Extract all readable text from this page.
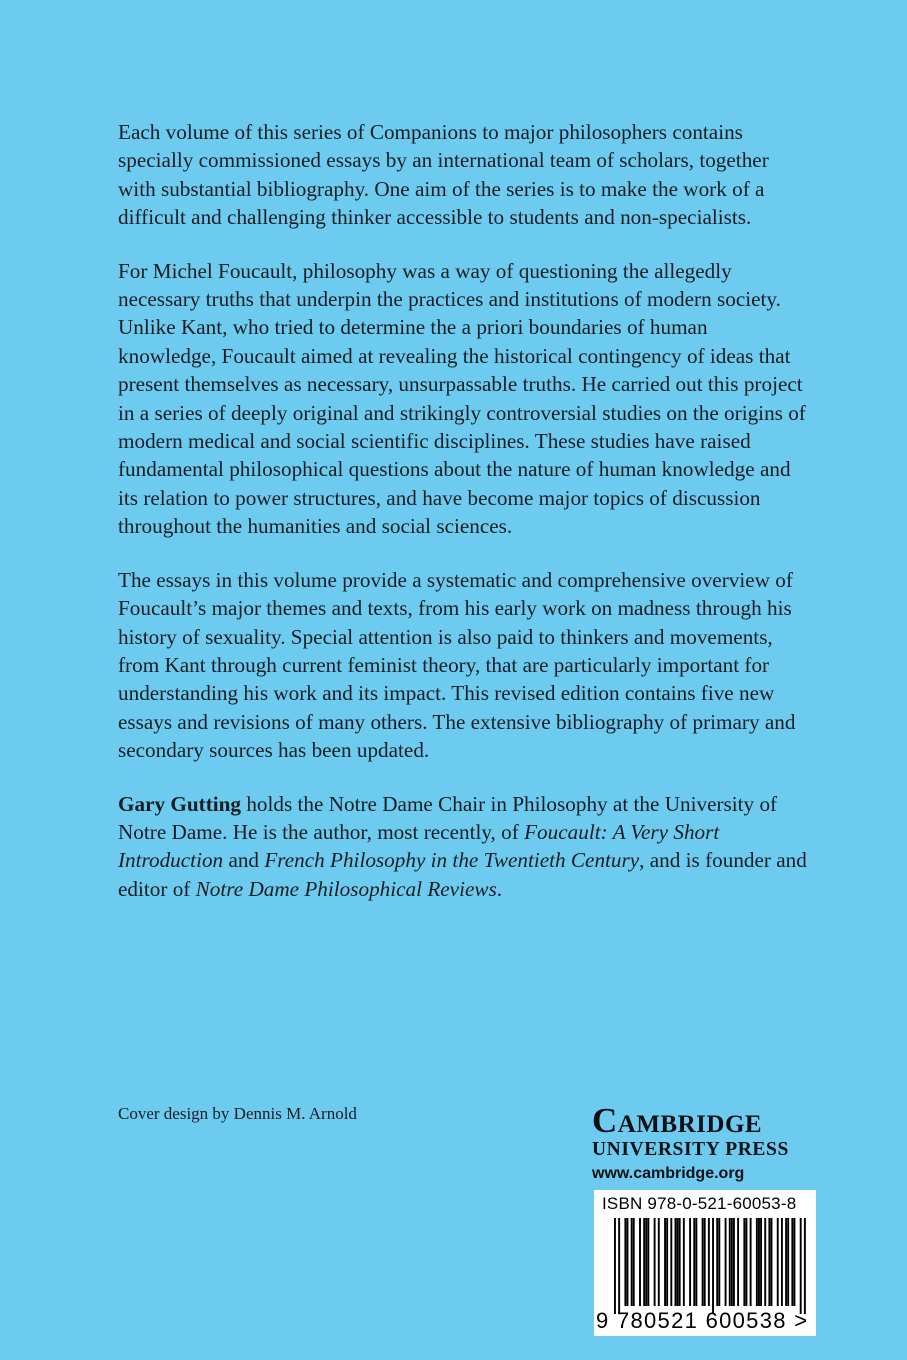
Each volume of this series of Companions to major philosophers contains specially commissioned essays by an international team of scholars, together with substantial bibliography. One aim of the series is to make the work of a difficult and challenging thinker accessible to students and non-specialists.

For Michel Foucault, philosophy was a way of questioning the allegedly necessary truths that underpin the practices and institutions of modern society. Unlike Kant, who tried to determine the a priori boundaries of human knowledge, Foucault aimed at revealing the historical contingency of ideas that present themselves as necessary, unsurpassable truths. He carried out this project in a series of deeply original and strikingly controversial studies on the origins of modern medical and social scientific disciplines. These studies have raised fundamental philosophical questions about the nature of human knowledge and its relation to power structures, and have become major topics of discussion throughout the humanities and social sciences.

The essays in this volume provide a systematic and comprehensive overview of Foucault’s major themes and texts, from his early work on madness through his history of sexuality. Special attention is also paid to thinkers and movements, from Kant through current feminist theory, that are particularly important for understanding his work and its impact. This revised edition contains five new essays and revisions of many others. The extensive bibliography of primary and secondary sources has been updated.

Gary Gutting holds the Notre Dame Chair in Philosophy at the University of Notre Dame. He is the author, most recently, of Foucault: A Very Short Introduction and French Philosophy in the Twentieth Century, and is founder and editor of Notre Dame Philosophical Reviews.

Cover design by Dennis M. Arnold	Cambridge
UNIVERSITY PRESS
www.cambridge.org
ISBN 978-0-521-60053-8
9 780521 600538 >
